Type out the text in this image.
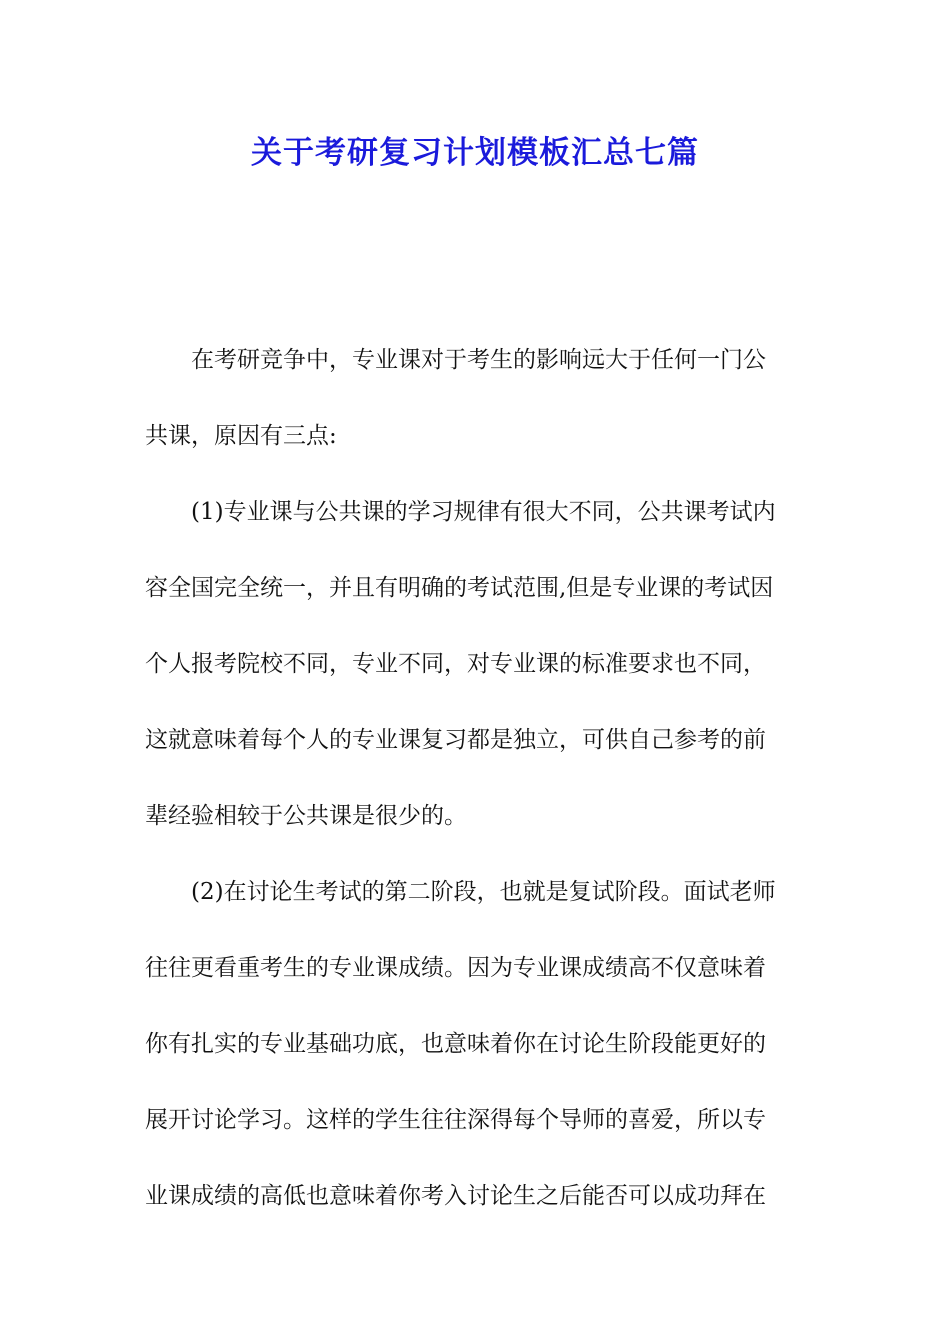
关于考研复习计划模板汇总七篇
在考研竞争中，专业课对于考生的影响远大于任何一门公
共课，原因有三点:
(1)专业课与公共课的学习规律有很大不同，公共课考试内
容全国完全统一，并且有明确的考试范围,但是专业课的考试因
个人报考院校不同，专业不同，对专业课的标准要求也不同，
这就意味着每个人的专业课复习都是独立，可供自己参考的前
辈经验相较于公共课是很少的。
(2)在讨论生考试的第二阶段，也就是复试阶段。面试老师
往往更看重考生的专业课成绩。因为专业课成绩高不仅意味着
你有扎实的专业基础功底，也意味着你在讨论生阶段能更好的
展开讨论学习。这样的学生往往深得每个导师的喜爱，所以专
业课成绩的高低也意味着你考入讨论生之后能否可以成功拜在
